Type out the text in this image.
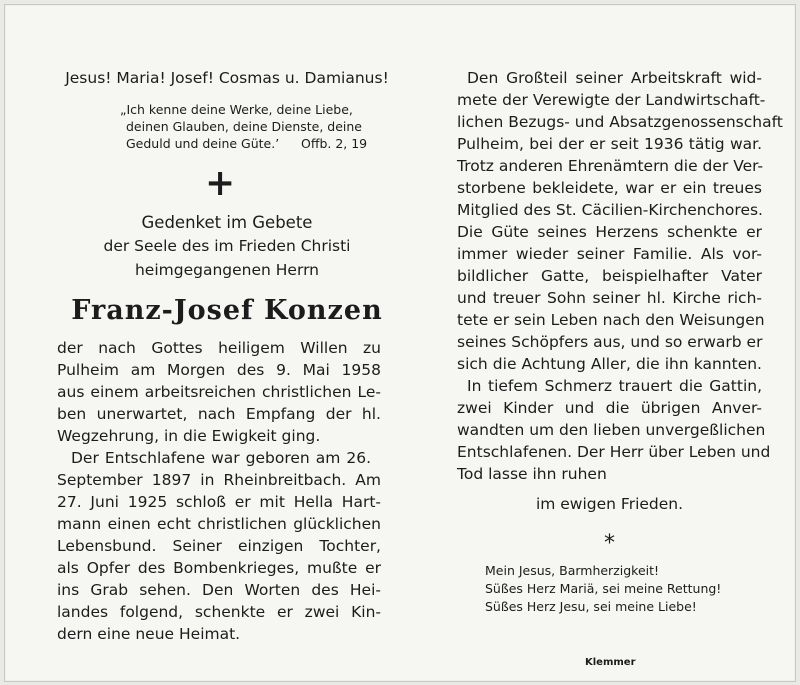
Jesus! Maria! Josef! Cosmas u. Damianus!
„Ich kenne deine Werke, deine Liebe,
deinen Glauben, deine Dienste, deine
Geduld und deine Güte.’ Offb. 2, 19
+
Gedenket im Gebete
der Seele des im Frieden Christi
heimgegangenen Herrn
Franz-Josef Konzen
der nach Gottes heiligem Willen zu
Pulheim am Morgen des 9. Mai 1958
aus einem arbeitsreichen christlichen Le-
ben unerwartet, nach Empfang der hl.
Wegzehrung, in die Ewigkeit ging.
Der Entschlafene war geboren am 26.
September 1897 in Rheinbreitbach. Am
27. Juni 1925 schloß er mit Hella Hart-
mann einen echt christlichen glücklichen
Lebensbund. Seiner einzigen Tochter,
als Opfer des Bombenkrieges, mußte er
ins Grab sehen. Den Worten des Hei-
landes folgend, schenkte er zwei Kin-
dern eine neue Heimat.
Den Großteil seiner Arbeitskraft wid-
mete der Verewigte der Landwirtschaft-
lichen Bezugs- und Absatzgenossenschaft
Pulheim, bei der er seit 1936 tätig war.
Trotz anderen Ehrenämtern die der Ver-
storbene bekleidete, war er ein treues
Mitglied des St. Cäcilien-Kirchenchores.
Die Güte seines Herzens schenkte er
immer wieder seiner Familie. Als vor-
bildlicher Gatte, beispielhafter Vater
und treuer Sohn seiner hl. Kirche rich-
tete er sein Leben nach den Weisungen
seines Schöpfers aus, und so erwarb er
sich die Achtung Aller, die ihn kannten.
In tiefem Schmerz trauert die Gattin,
zwei Kinder und die übrigen Anver-
wandten um den lieben unvergeßlichen
Entschlafenen. Der Herr über Leben und
Tod lasse ihn ruhen
im ewigen Frieden.
*
Mein Jesus, Barmherzigkeit!
Süßes Herz Mariä, sei meine Rettung!
Süßes Herz Jesu, sei meine Liebe!
Klemmer
